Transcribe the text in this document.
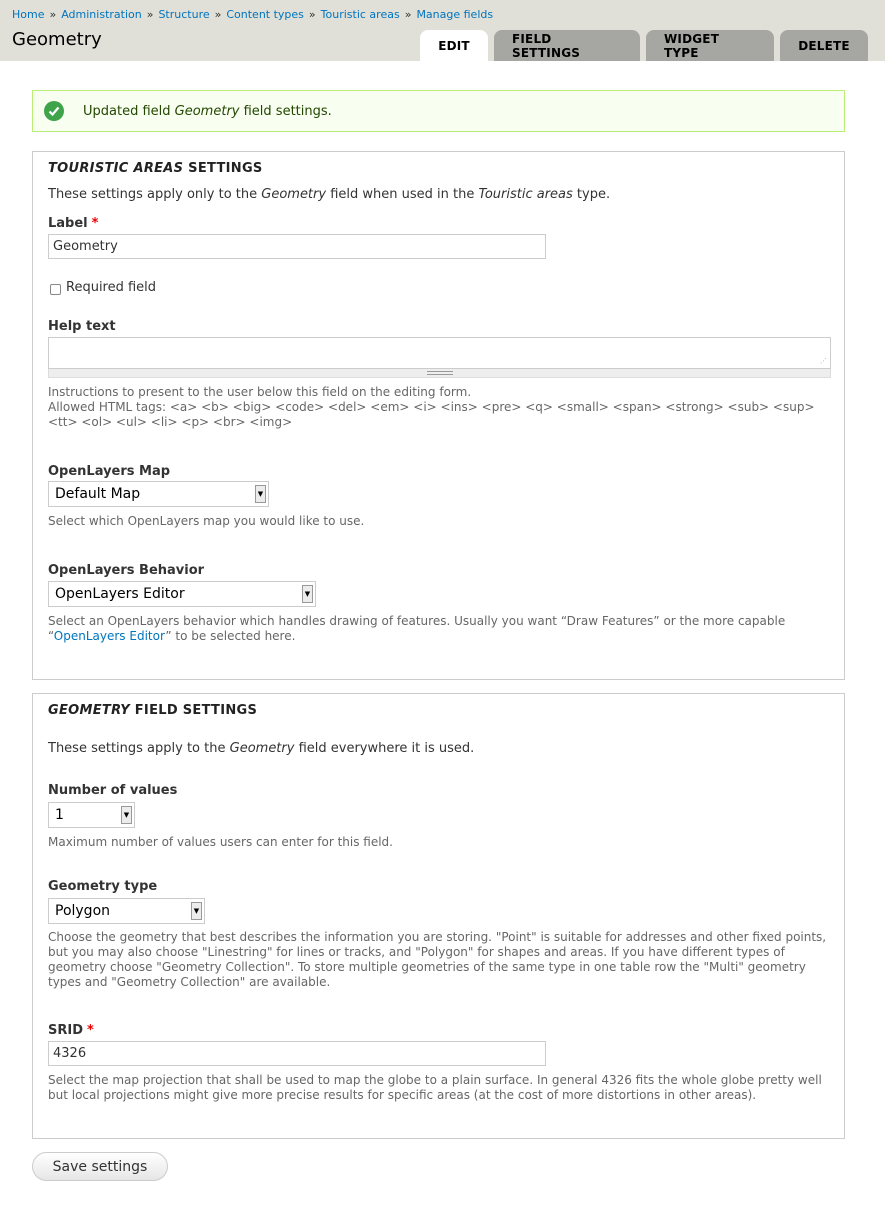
Home » Administration » Structure » Content types » Touristic areas » Manage fields
Geometry	EDIT	FIELD SETTINGS
WIDGET TYPE	DELETE
Updated field Geometry field settings.
TOURISTIC AREAS SETTINGS
These settings apply only to the Geometry field when used in the Touristic areas type.
Label *
Geometry
Required field
Help text
⋰
Instructions to present to the user below this field on the editing form.
Allowed HTML tags: <a> <b> <big> <code> <del> <em> <i> <ins> <pre> <q> <small> <span> <strong> <sub> <sup>
<tt> <ol> <ul> <li> <p> <br> <img>
OpenLayers Map
Default Map	▼
Select which OpenLayers map you would like to use.
OpenLayers Behavior
OpenLayers Editor	▼
Select an OpenLayers behavior which handles drawing of features. Usually you want “Draw Features” or the more capable
“OpenLayers Editor” to be selected here.
GEOMETRY FIELD SETTINGS
These settings apply to the Geometry field everywhere it is used.
Number of values
1	▼
Maximum number of values users can enter for this field.
Geometry type
Polygon	▼
Choose the geometry that best describes the information you are storing. "Point" is suitable for addresses and other fixed points,
but you may also choose "Linestring" for lines or tracks, and "Polygon" for shapes and areas. If you have different types of
geometry choose "Geometry Collection". To store multiple geometries of the same type in one table row the "Multi" geometry
types and "Geometry Collection" are available.
SRID *
4326
Select the map projection that shall be used to map the globe to a plain surface. In general 4326 fits the whole globe pretty well
but local projections might give more precise results for specific areas (at the cost of more distortions in other areas).
Save settings
